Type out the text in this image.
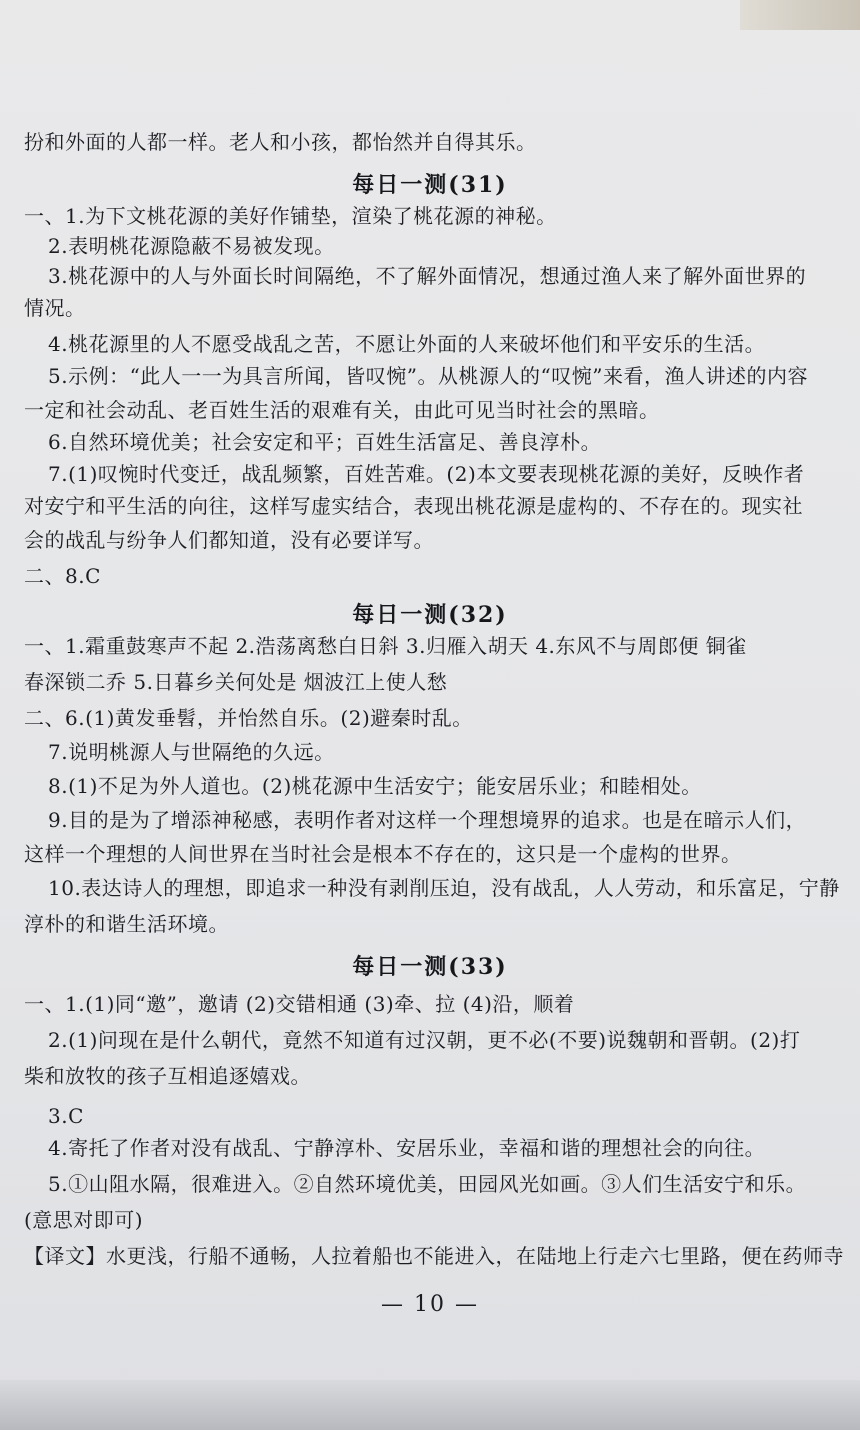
扮和外面的人都一样。老人和小孩，都怡然并自得其乐。
每日一测(31)
一、1.为下文桃花源的美好作铺垫，渲染了桃花源的神秘。
2.表明桃花源隐蔽不易被发现。
3.桃花源中的人与外面长时间隔绝，不了解外面情况，想通过渔人来了解外面世界的
情况。
4.桃花源里的人不愿受战乱之苦，不愿让外面的人来破坏他们和平安乐的生活。
5.示例：“此人一一为具言所闻，皆叹惋”。从桃源人的“叹惋”来看，渔人讲述的内容
一定和社会动乱、老百姓生活的艰难有关，由此可见当时社会的黑暗。
6.自然环境优美；社会安定和平；百姓生活富足、善良淳朴。
7.(1)叹惋时代变迁，战乱频繁，百姓苦难。(2)本文要表现桃花源的美好，反映作者
对安宁和平生活的向往，这样写虚实结合，表现出桃花源是虚构的、不存在的。现实社
会的战乱与纷争人们都知道，没有必要详写。
二、8.C
每日一测(32)
一、1.霜重鼓寒声不起 2.浩荡离愁白日斜 3.归雁入胡天 4.东风不与周郎便 铜雀
春深锁二乔 5.日暮乡关何处是 烟波江上使人愁
二、6.(1)黄发垂髫，并怡然自乐。(2)避秦时乱。
7.说明桃源人与世隔绝的久远。
8.(1)不足为外人道也。(2)桃花源中生活安宁；能安居乐业；和睦相处。
9.目的是为了增添神秘感，表明作者对这样一个理想境界的追求。也是在暗示人们，
这样一个理想的人间世界在当时社会是根本不存在的，这只是一个虚构的世界。
10.表达诗人的理想，即追求一种没有剥削压迫，没有战乱，人人劳动，和乐富足，宁静
淳朴的和谐生活环境。
每日一测(33)
一、1.(1)同“邀”，邀请 (2)交错相通 (3)牵、拉 (4)沿，顺着
2.(1)问现在是什么朝代，竟然不知道有过汉朝，更不必(不要)说魏朝和晋朝。(2)打
柴和放牧的孩子互相追逐嬉戏。
3.C
4.寄托了作者对没有战乱、宁静淳朴、安居乐业，幸福和谐的理想社会的向往。
5.①山阻水隔，很难进入。②自然环境优美，田园风光如画。③人们生活安宁和乐。
(意思对即可)
【译文】水更浅，行船不通畅，人拉着船也不能进入，在陆地上行走六七里路，便在药师寺
— 10 —
